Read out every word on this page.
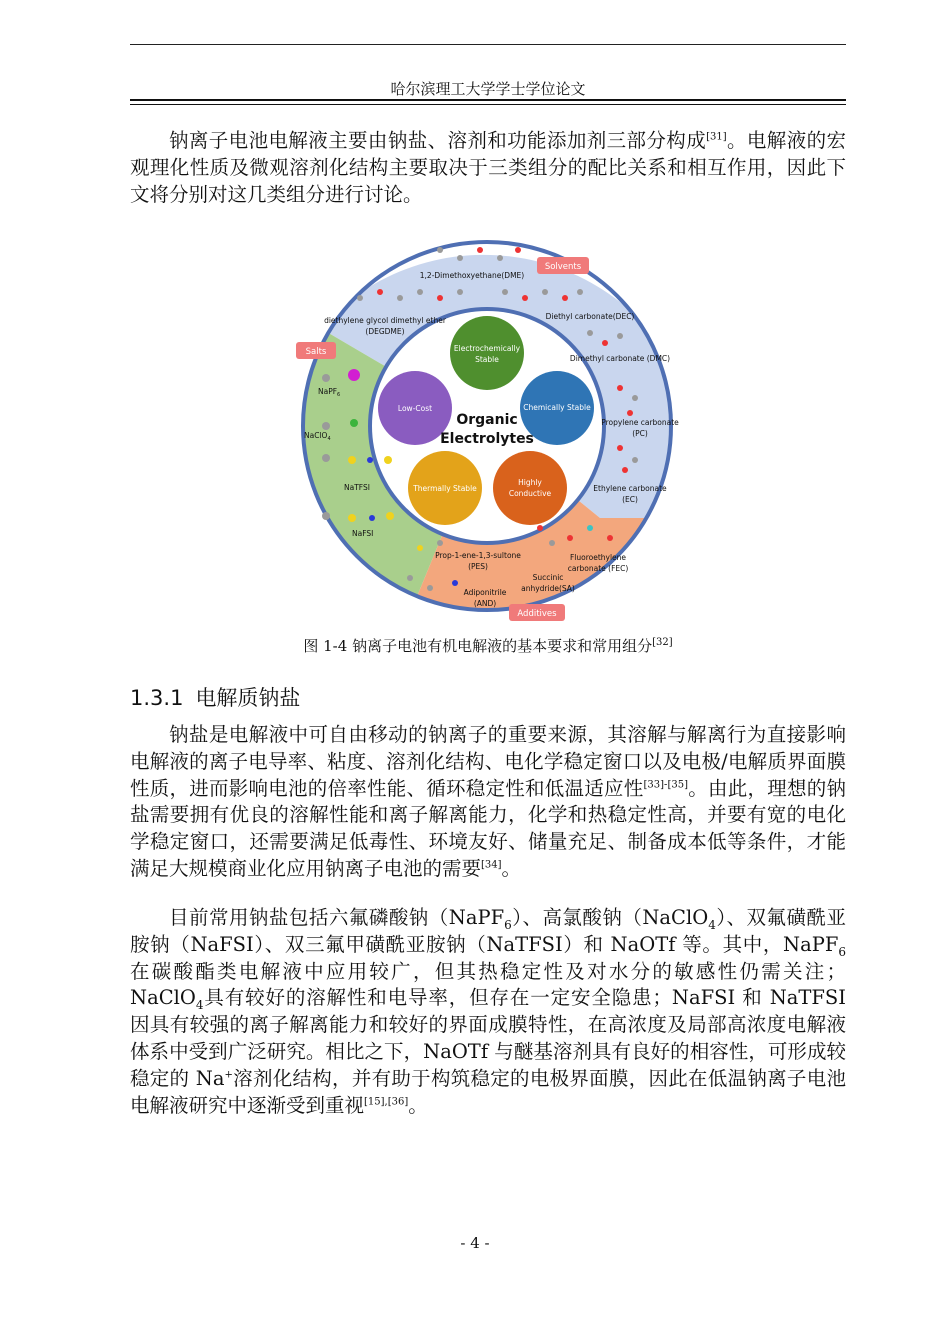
哈尔滨理工大学学士学位论文

钠离子电池电解液主要由钠盐、溶剂和功能添加剂三部分构成[31]。电解液的宏观理化性质及微观溶剂化结构主要取决于三类组分的配比关系和相互作用，因此下文将分别对这几类组分进行讨论。

Electrochemically
Stable
Chemically Stable
Highly
Conductive
Thermally Stable
Low-Cost
Organic
Electrolytes
Solvents
Salts
Additives
1,2-Dimethoxyethane(DME)
diethylene glycol dimethyl ether
(DEGDME)
Diethyl carbonate(DEC)
Dimethyl carbonate (DMC)
Propylene carbonate
(PC)
Ethylene carbonate
(EC)
NaPF$_6$
NaClO$_4$
NaTFSI
NaFSI
Prop-1-ene-1,3-sultone
(PES)
Fluoroethylene
carbonate (FEC)
Succinic
anhydride(SA)
Adiponitrile
(AND)
图 1-4 钠离子电池有机电解液的基本要求和常用组分[32]
1.3.1 电解质钠盐

钠盐是电解液中可自由移动的钠离子的重要来源，其溶解与解离行为直接影响电解液的离子电导率、粘度、溶剂化结构、电化学稳定窗口以及电极/电解质界面膜性质，进而影响电池的倍率性能、循环稳定性和低温适应性[33]-[35]。由此，理想的钠盐需要拥有优良的溶解性能和离子解离能力，化学和热稳定性高，并要有宽的电化学稳定窗口，还需要满足低毒性、环境友好、储量充足、制备成本低等条件，才能满足大规模商业化应用钠离子电池的需要[34]。

目前常用钠盐包括六氟磷酸钠（NaPF$_6$）、高氯酸钠（NaClO$_4$）、双氟磺酰亚胺钠（NaFSI）、双三氟甲磺酰亚胺钠（NaTFSI）和 NaOTf 等。其中，NaPF$_6$在碳酸酯类电解液中应用较广，但其热稳定性及对水分的敏感性仍需关注；NaClO$_4$具有较好的溶解性和电导率，但存在一定安全隐患；NaFSI 和 NaTFSI 因具有较强的离子解离能力和较好的界面成膜特性，在高浓度及局部高浓度电解液体系中受到广泛研究。相比之下，NaOTf 与醚基溶剂具有良好的相容性，可形成较稳定的 Na+溶剂化结构，并有助于构筑稳定的电极界面膜，因此在低温钠离子电池电解液研究中逐渐受到重视[15],[36]。

- 4 -
